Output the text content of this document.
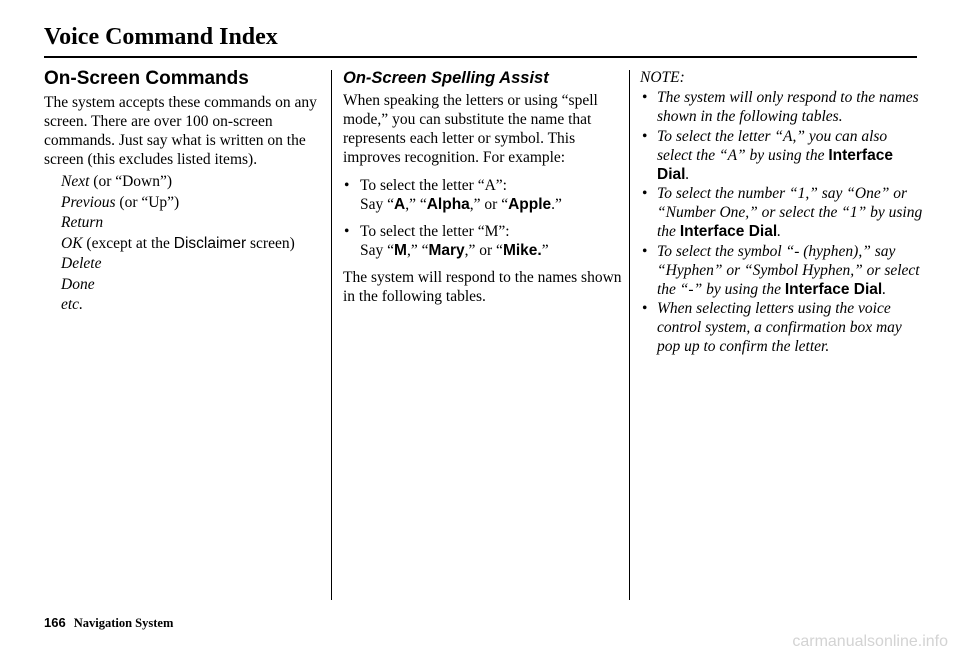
Voice Command Index
On-Screen Commands

The system accepts these commands on any screen. There are over 100 on-screen commands. Just say what is written on the screen (this excludes listed items).

Next (or “Down”)
Previous (or “Up”)
Return
OK (except at the Disclaimer screen)
Delete
Done
etc.
On-Screen Spelling Assist

When speaking the letters or using “spell mode,” you can substitute the name that represents each letter or symbol. This improves recognition. For example:

• To select the letter “A”:
Say “A,” “Alpha,” or “Apple.”
• To select the letter “M”:
Say “M,” “Mary,” or “Mike.”

The system will respond to the names shown in the following tables.

NOTE:
• The system will only respond to the names shown in the following tables.
• To select the letter “A,” you can also select the “A” by using the Interface Dial.
• To select the number “1,” say “One” or “Number One,” or select the “1” by using the Interface Dial.
• To select the symbol “- (hyphen),” say “Hyphen” or “Symbol Hyphen,” or select the “-” by using the Interface Dial.
• When selecting letters using the voice control system, a confirmation box may pop up to confirm the letter.
166 Navigation System
carmanualsonline.info
